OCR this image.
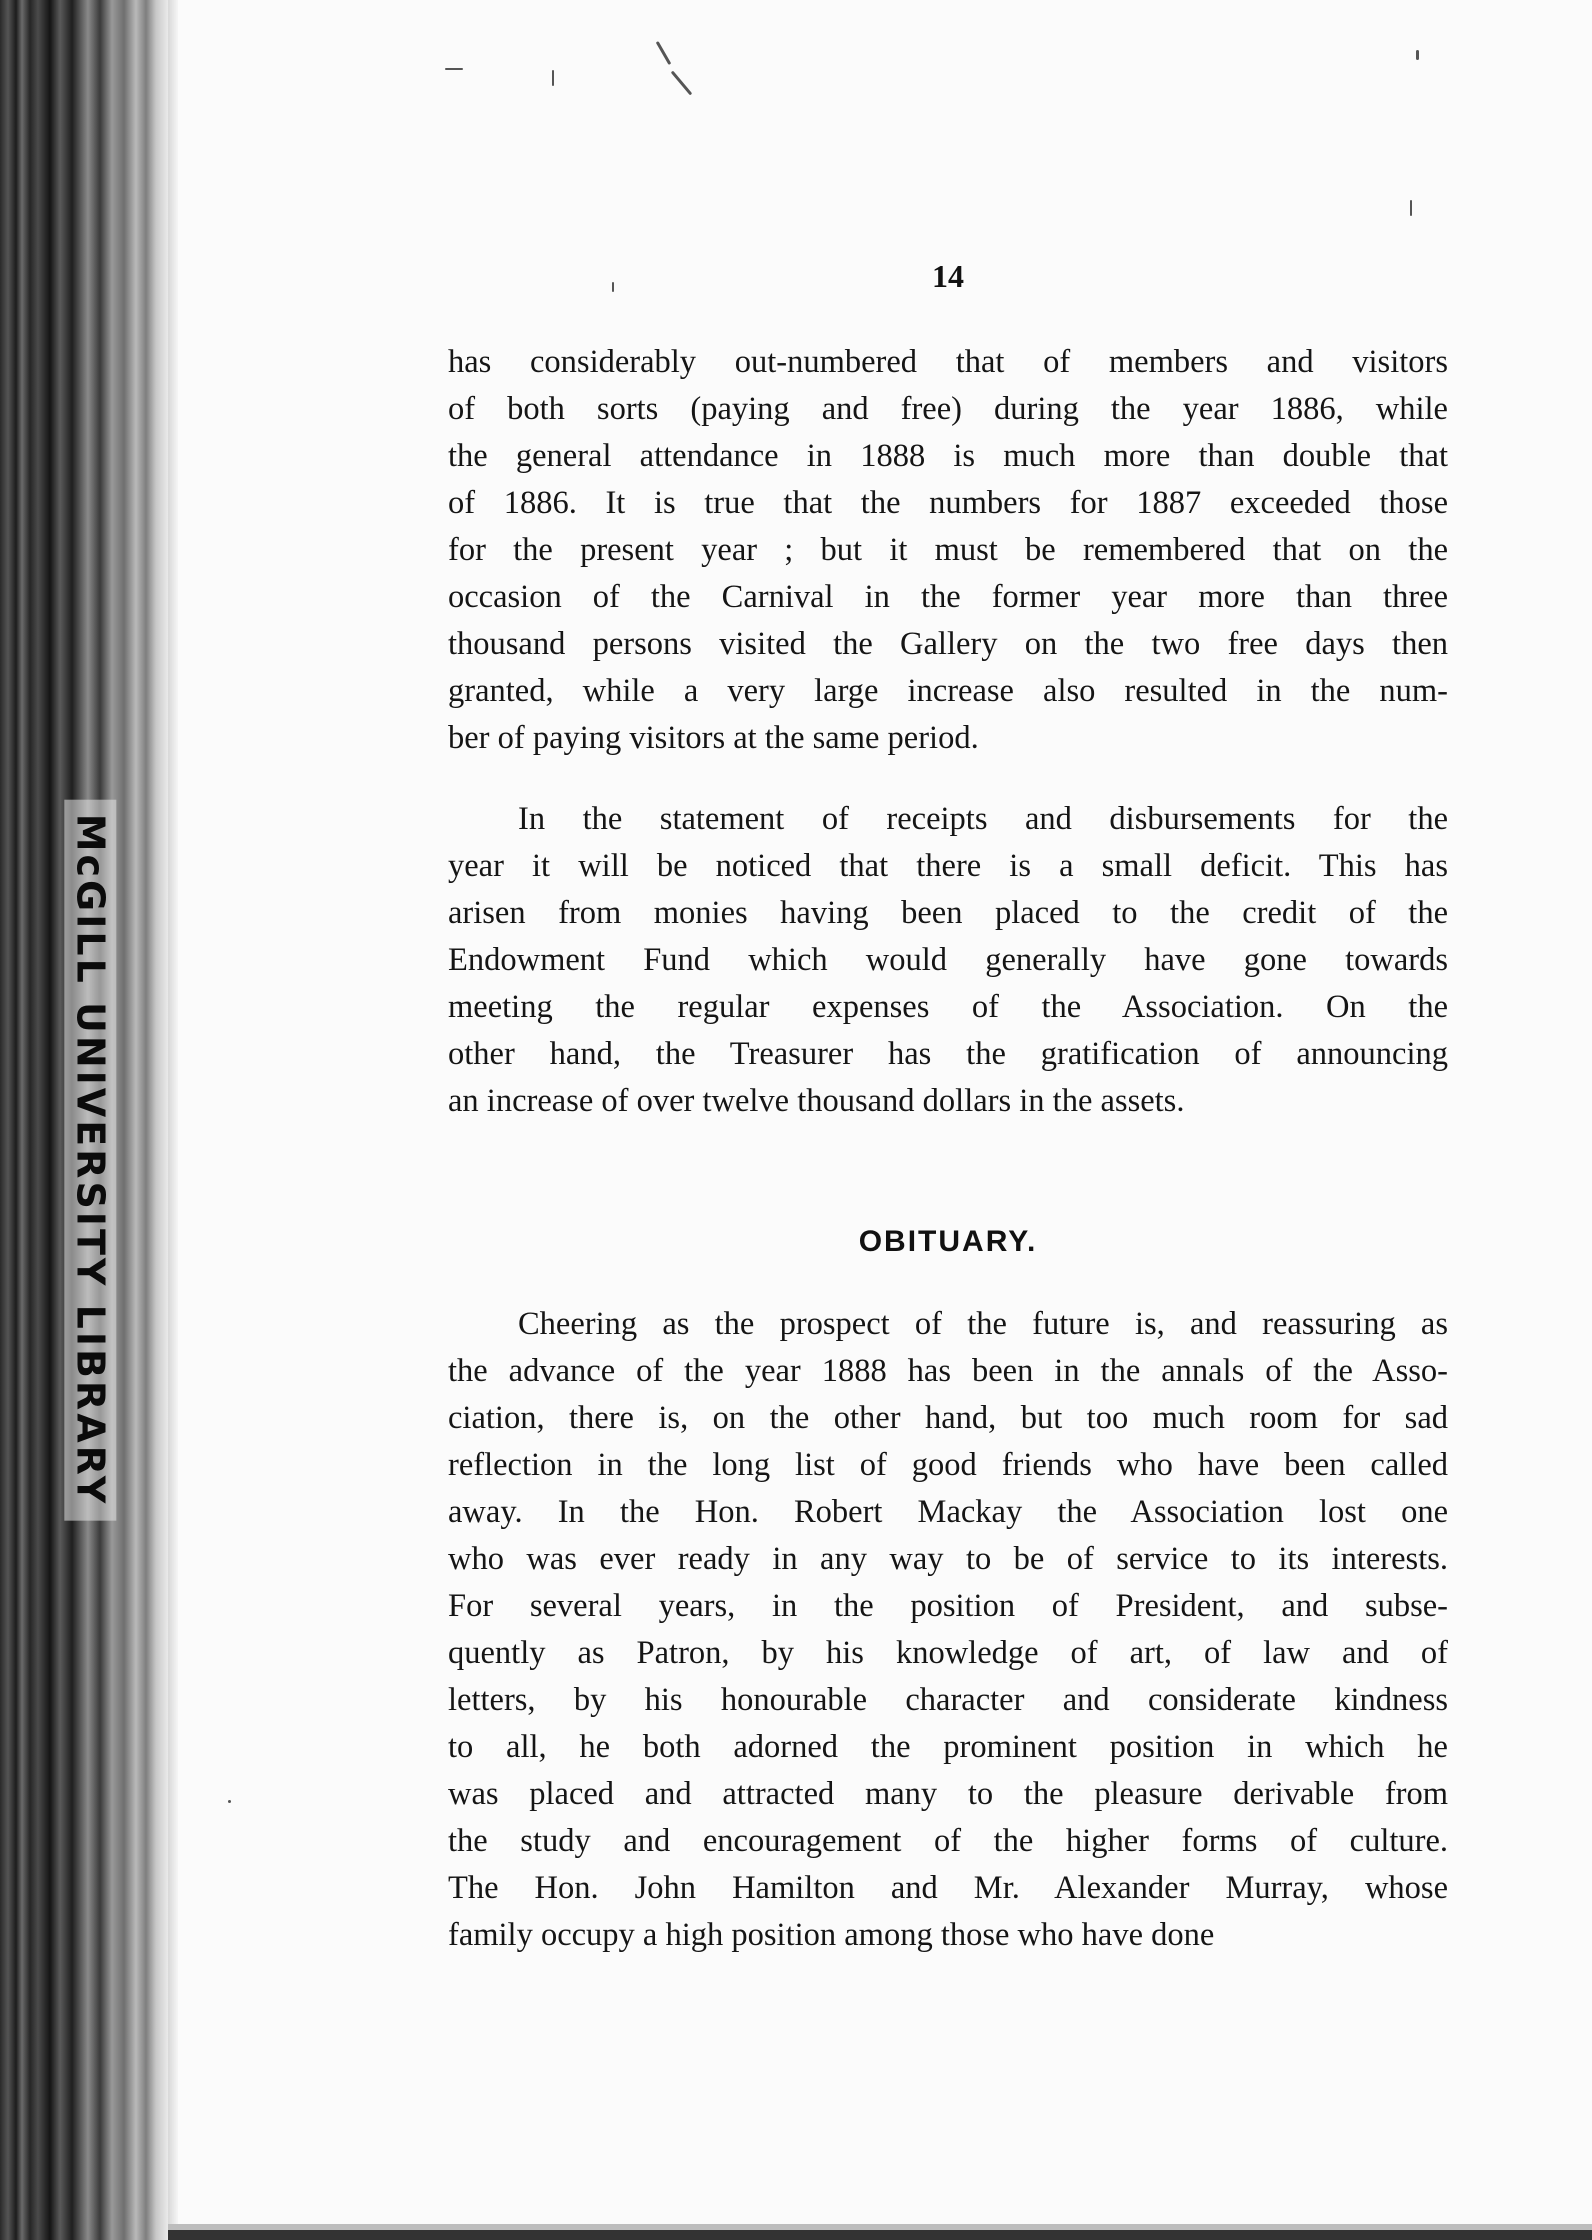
McGILL UNIVERSITY LIBRARY
14

has considerably out-numbered that of members and visitors
of both sorts (paying and free) during the year 1886, while
the general attendance in 1888 is much more than double that
of 1886. It is true that the numbers for 1887 exceeded those
for the present year ; but it must be remembered that on the
occasion of the Carnival in the former year more than three
thousand persons visited the Gallery on the two free days then
granted, while a very large increase also resulted in the num-
ber of paying visitors at the same period.

In the statement of receipts and disbursements for the
year it will be noticed that there is a small deficit. This has
arisen from monies having been placed to the credit of the
Endowment Fund which would generally have gone towards
meeting the regular expenses of the Association. On the
other hand, the Treasurer has the gratification of announcing
an increase of over twelve thousand dollars in the assets.

OBITUARY.

Cheering as the prospect of the future is, and reassuring as
the advance of the year 1888 has been in the annals of the Asso-
ciation, there is, on the other hand, but too much room for sad
reflection in the long list of good friends who have been called
away. In the Hon. Robert Mackay the Association lost one
who was ever ready in any way to be of service to its interests.
For several years, in the position of President, and subse-
quently as Patron, by his knowledge of art, of law and of
letters, by his honourable character and considerate kindness
to all, he both adorned the prominent position in which he
was placed and attracted many to the pleasure derivable from
the study and encouragement of the higher forms of culture.
The Hon. John Hamilton and Mr. Alexander Murray, whose
family occupy a high position among those who have done
